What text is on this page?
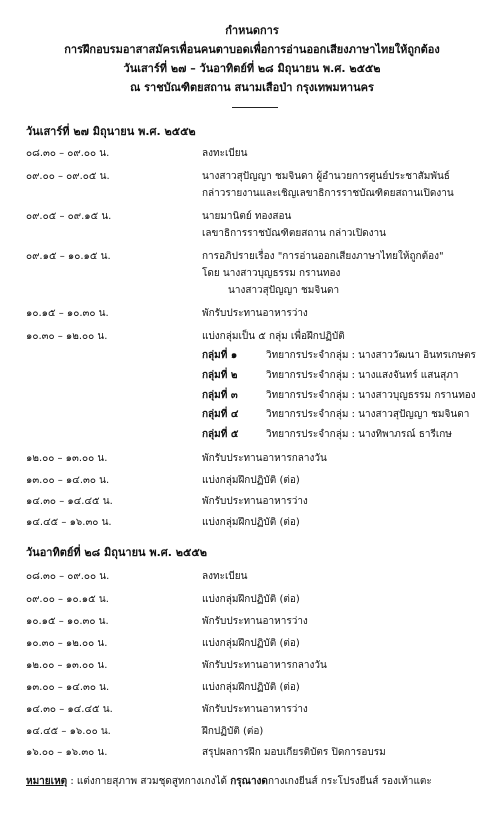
กำหนดการ
การฝึกอบรมอาสาสมัครเพื่อนคนตาบอดเพื่อการอ่านออกเสียงภาษาไทยให้ถูกต้อง
วันเสาร์ที่ ๒๗ – วันอาทิตย์ที่ ๒๘ มิถุนายน พ.ศ. ๒๕๕๒
ณ ราชบัณฑิตยสถาน สนามเสือป่า กรุงเทพมหานคร
วันเสาร์ที่ ๒๗ มิถุนายน พ.ศ. ๒๕๕๒
๐๘.๓๐ – ๐๙.๐๐ น.	ลงทะเบียน
๐๙.๐๐ – ๐๙.๐๕ น.	นางสาวสุปัญญา ชมจินดา ผู้อำนวยการศูนย์ประชาสัมพันธ์
กล่าวรายงานและเชิญเลขาธิการราชบัณฑิตยสถานเปิดงาน
๐๙.๐๕ – ๐๙.๑๕ น.	นายมานิตย์ ทองสอน
เลขาธิการราชบัณฑิตยสถาน กล่าวเปิดงาน
๐๙.๑๕ – ๑๐.๑๕ น.	การอภิปรายเรื่อง "การอ่านออกเสียงภาษาไทยให้ถูกต้อง"
โดย นางสาวบุญธรรม กรานทอง
นางสาวสุปัญญา ชมจินดา
๑๐.๑๕ – ๑๐.๓๐ น.	พักรับประทานอาหารว่าง
๑๐.๓๐ – ๑๒.๐๐ น.	แบ่งกลุ่มเป็น ๕ กลุ่ม เพื่อฝึกปฏิบัติ
กลุ่มที่ ๑	วิทยากรประจำกลุ่ม : นางสาววัฒนา อินทรเกษตร
กลุ่มที่ ๒	วิทยากรประจำกลุ่ม : นางแสงจันทร์ แสนสุภา
กลุ่มที่ ๓	วิทยากรประจำกลุ่ม : นางสาวบุญธรรม กรานทอง
กลุ่มที่ ๔	วิทยากรประจำกลุ่ม : นางสาวสุปัญญา ชมจินดา
กลุ่มที่ ๕	วิทยากรประจำกลุ่ม : นางทิพาภรณ์ ธารีเกษ
๑๒.๐๐ – ๑๓.๐๐ น.	พักรับประทานอาหารกลางวัน
๑๓.๐๐ – ๑๔.๓๐ น.	แบ่งกลุ่มฝึกปฏิบัติ (ต่อ)
๑๔.๓๐ – ๑๔.๔๕ น.	พักรับประทานอาหารว่าง
๑๔.๔๕ – ๑๖.๓๐ น.	แบ่งกลุ่มฝึกปฏิบัติ (ต่อ)
วันอาทิตย์ที่ ๒๘ มิถุนายน พ.ศ. ๒๕๕๒
๐๘.๓๐ – ๐๙.๐๐ น.	ลงทะเบียน
๐๙.๐๐ – ๑๐.๑๕ น.	แบ่งกลุ่มฝึกปฏิบัติ (ต่อ)
๑๐.๑๕ – ๑๐.๓๐ น.	พักรับประทานอาหารว่าง
๑๐.๓๐ – ๑๒.๐๐ น.	แบ่งกลุ่มฝึกปฏิบัติ (ต่อ)
๑๒.๐๐ – ๑๓.๐๐ น.	พักรับประทานอาหารกลางวัน
๑๓.๐๐ – ๑๔.๓๐ น.	แบ่งกลุ่มฝึกปฏิบัติ (ต่อ)
๑๔.๓๐ – ๑๔.๔๕ น.	พักรับประทานอาหารว่าง
๑๔.๔๕ – ๑๖.๐๐ น.	ฝึกปฏิบัติ (ต่อ)
๑๖.๐๐ – ๑๖.๓๐ น.	สรุปผลการฝึก มอบเกียรติบัตร ปิดการอบรม
หมายเหตุ : แต่งกายสุภาพ สวมชุดสูทกางเกงได้ กรุณางดกางเกงยีนส์ กระโปรงยีนส์ รองเท้าแตะ
